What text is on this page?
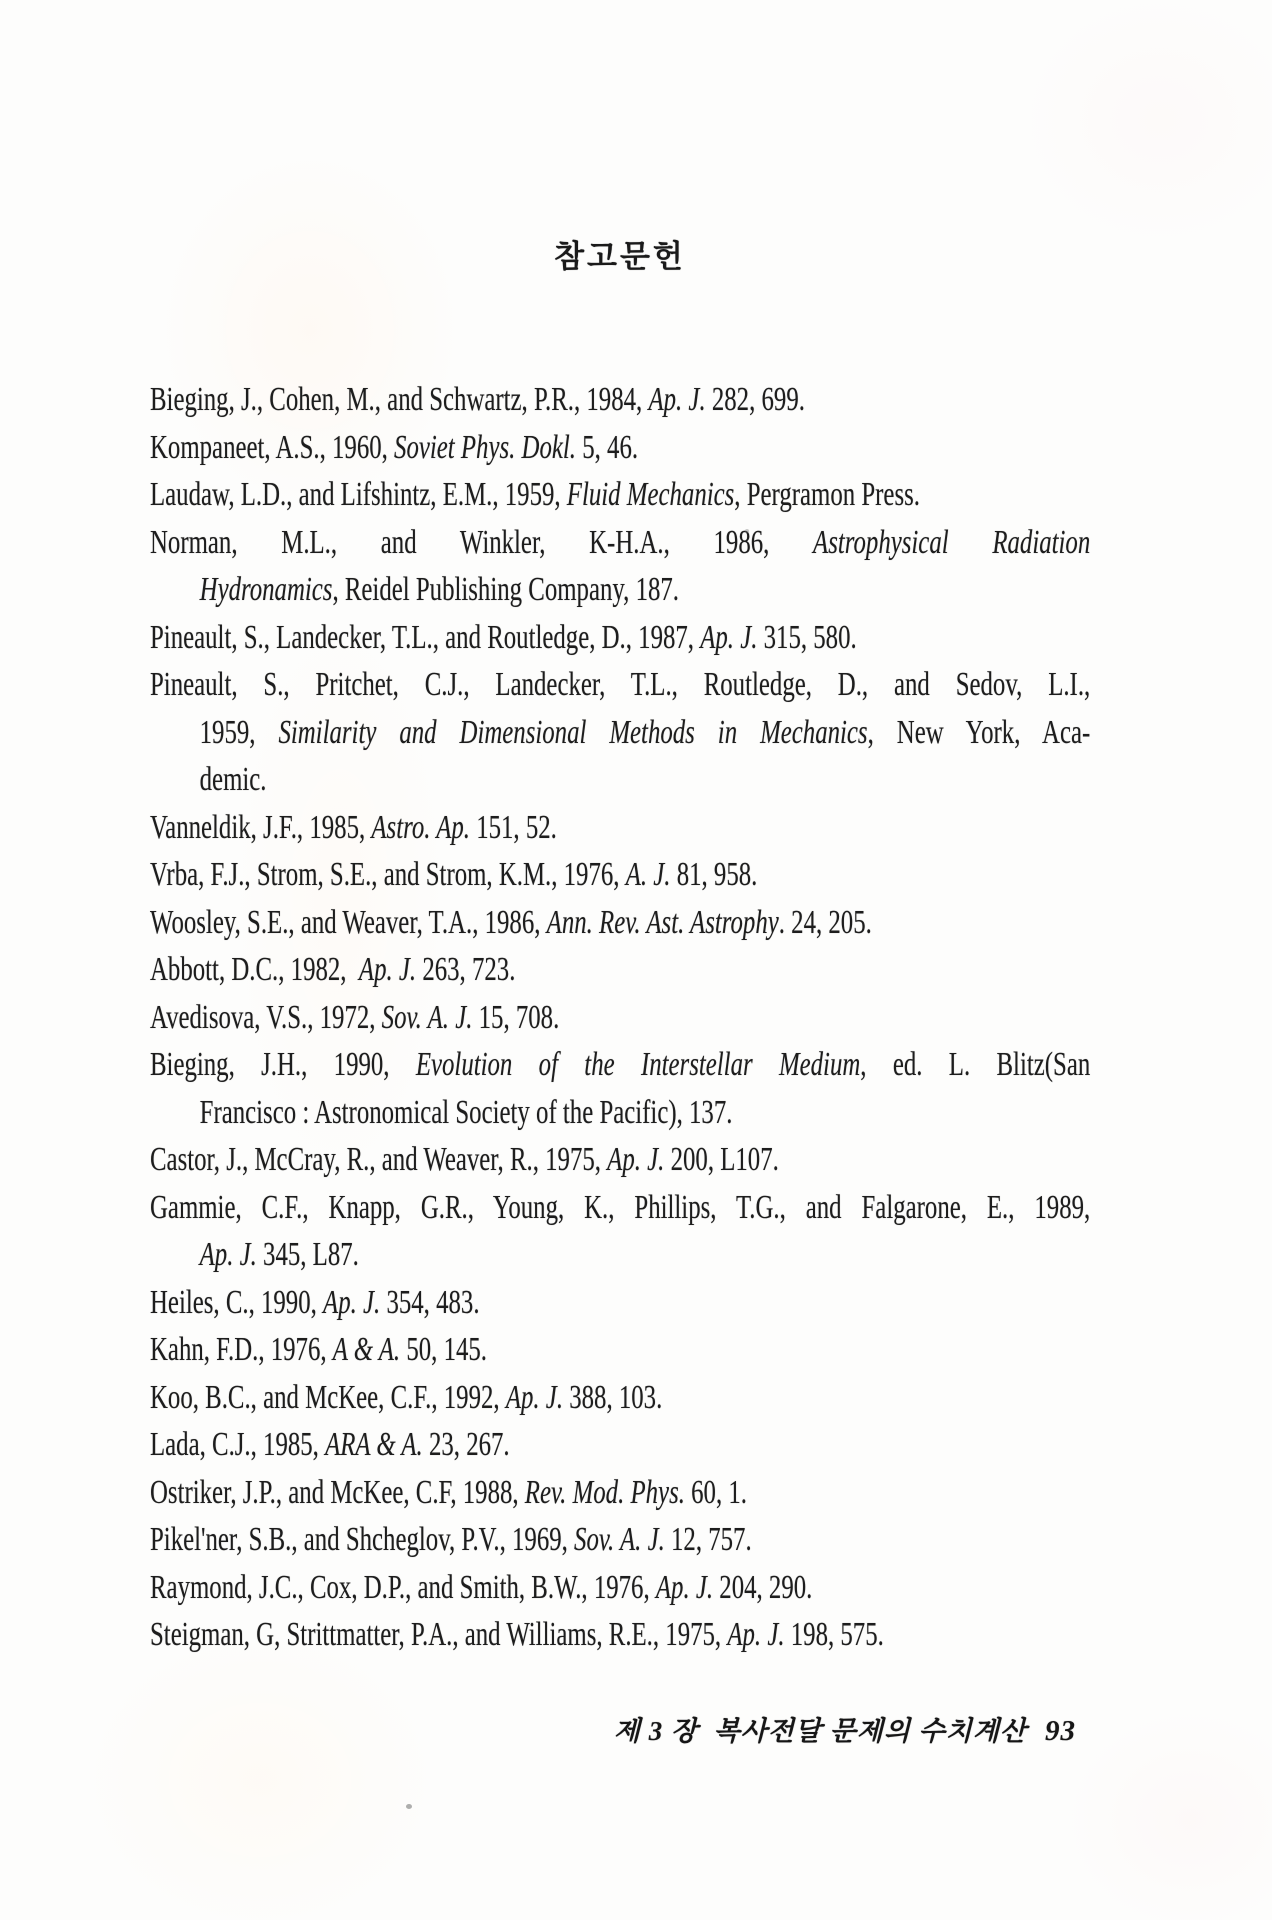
참고문헌

Bieging, J., Cohen, M., and Schwartz, P.R., 1984, Ap. J. 282, 699.

Kompaneet, A.S., 1960, Soviet Phys. Dokl. 5, 46.

Laudaw, L.D., and Lifshintz, E.M., 1959, Fluid Mechanics, Pergramon Press.

Norman, M.L., and Winkler, K-H.A., 1986, Astrophysical Radiation

Hydronamics, Reidel Publishing Company, 187.

Pineault, S., Landecker, T.L., and Routledge, D., 1987, Ap. J. 315, 580.

Pineault, S., Pritchet, C.J., Landecker, T.L., Routledge, D., and Sedov, L.I.,

1959, Similarity and Dimensional Methods in Mechanics, New York, Aca-

demic.

Vanneldik, J.F., 1985, Astro. Ap. 151, 52.

Vrba, F.J., Strom, S.E., and Strom, K.M., 1976, A. J. 81, 958.

Woosley, S.E., and Weaver, T.A., 1986, Ann. Rev. Ast. Astrophy. 24, 205.

Abbott, D.C., 1982,  Ap. J. 263, 723.

Avedisova, V.S., 1972, Sov. A. J. 15, 708.

Bieging, J.H., 1990, Evolution of the Interstellar Medium, ed. L. Blitz(San

Francisco : Astronomical Society of the Pacific), 137.

Castor, J., McCray, R., and Weaver, R., 1975, Ap. J. 200, L107.

Gammie, C.F., Knapp, G.R., Young, K., Phillips, T.G., and Falgarone, E., 1989,

Ap. J. 345, L87.

Heiles, C., 1990, Ap. J. 354, 483.

Kahn, F.D., 1976, A & A. 50, 145.

Koo, B.C., and McKee, C.F., 1992, Ap. J. 388, 103.

Lada, C.J., 1985, ARA & A. 23, 267.

Ostriker, J.P., and McKee, C.F, 1988, Rev. Mod. Phys. 60, 1.

Pikel'ner, S.B., and Shcheglov, P.V., 1969, Sov. A. J. 12, 757.

Raymond, J.C., Cox, D.P., and Smith, B.W., 1976, Ap. J. 204, 290.

Steigman, G, Strittmatter, P.A., and Williams, R.E., 1975, Ap. J. 198, 575.

제 3 장  복사전달 문제의 수치계산 93
